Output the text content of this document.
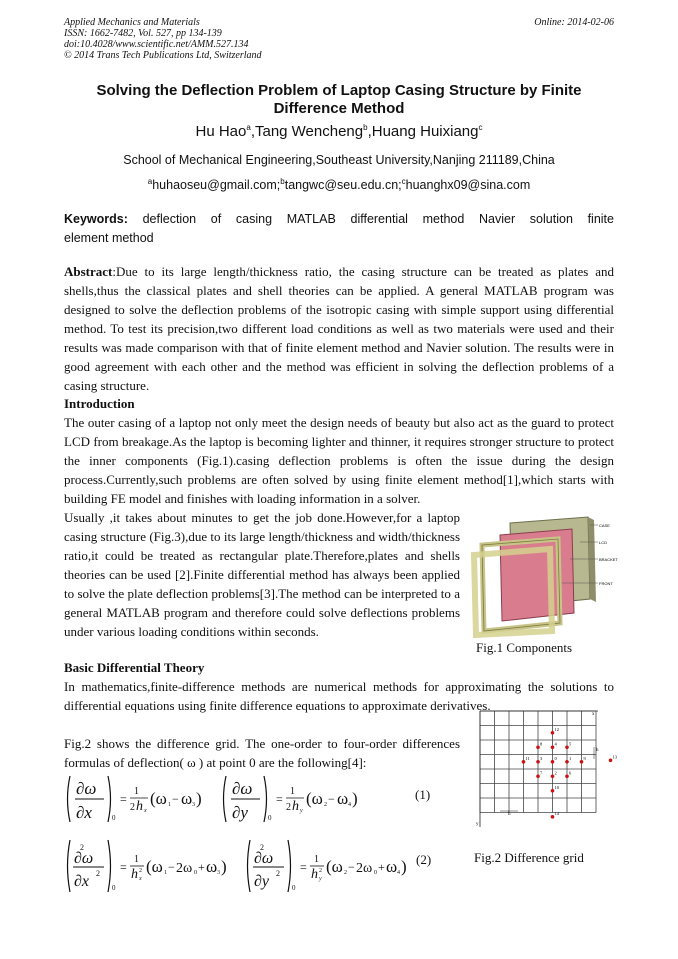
Applied Mechanics and Materials
ISSN: 1662-7482, Vol. 527, pp 134-139
doi:10.4028/www.scientific.net/AMM.527.134
© 2014 Trans Tech Publications Ltd, Switzerland
Online: 2014-02-06
Solving the Deflection Problem of Laptop Casing Structure by Finite Difference Method
Hu Hao$^a$,Tang Wencheng$^b$,Huang Huixiang$^c$
School of Mechanical Engineering,Southeast University,Nanjing 211189,China
$^a$huhaoseu@gmail.com;$^b$tangwc@seu.edu.cn;$^c$huanghx09@sina.com
Keywords: deflection of casing MATLAB differential method Navier solution finite
element method

Abstract:Due to its large length/thickness ratio, the casing structure can be treated as plates and shells,thus the classical plates and shell theories can be applied. A general MATLAB program was designed to solve the deflection problems of the isotropic casing with simple support using differential method. To test its precision,two different load conditions as well as two materials were used and their results was made comparison with that of finite element method and Navier solution. The results were in good agreement with each other and the method was efficient in solving the deflection problems of a casing structure.

Introduction

The outer casing of a laptop not only meet the design needs of beauty but also act as the guard to protect LCD from breakage.As the laptop is becoming lighter and thinner, it requires stronger structure to protect the inner components (Fig.1).casing deflection problems is often the issue during the design process.Currently,such problems are often solved by using finite element method[1],which starts with building FE model and finishes with loading information in a solver.

Usually ,it takes about minutes to get the job done.However,for a laptop casing structure (Fig.3),due to its large length/thickness and width/thickness ratio,it could be treated as rectangular plate.Therefore,plates and shells theories can be used [2].Finite differential method has always been applied to solve the plate deflection problems[3].The method can be interpreted to a general MATLAB program and therefore could solve deflections problems under various loading conditions within seconds.

CASE
LCD
BRACKET
FRONT
Fig.1 Components
Basic Differential Theory

In mathematics,finite-difference methods are numerical methods for approximating the solutions to differential equations using finite difference equations to approximate derivatives.

Fig.2 shows the difference grid. The one-order to four-order differences formulas of deflection( ω ) at point 0 are the following[4]:

x
y
h
h
12
8	4	5
11 3	0	1	9
7	2	6
10
14
13
Fig.2 Difference grid
∂ω
∂x	0
=
1
2 h x
(ω 1 − ω 3 )
∂ω
∂y	0
=
1
2 h y
(ω 2 − ω 4 )	(1)
2
∂ω
∂x 2
0
=
1
h 2
x
(ω 1 − 2ω 0 + ω 3 )
2
∂ω
∂y 2
0
=
1
h 2
y
(ω 2 − 2ω 0 + ω 4 ) (2)
